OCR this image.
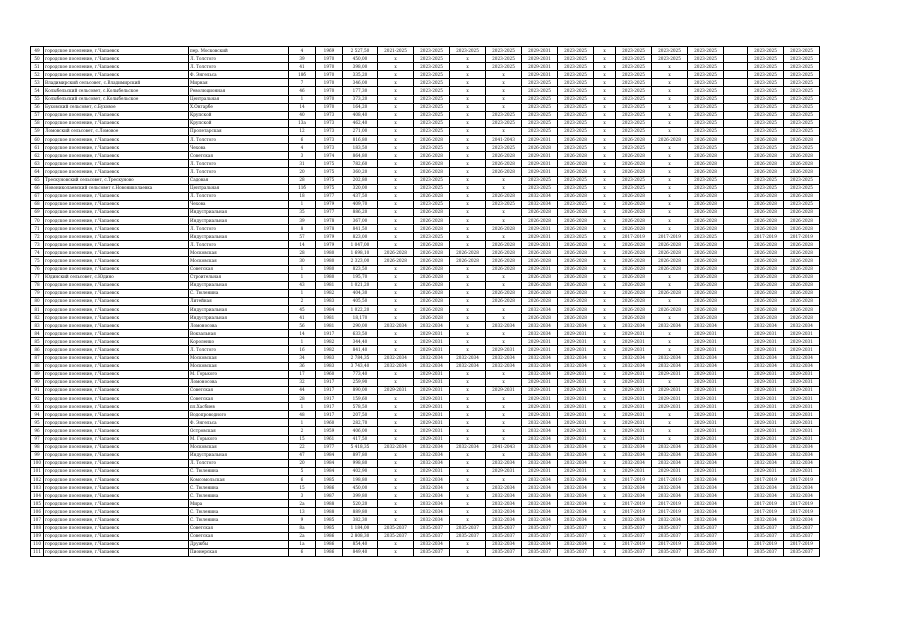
49	городское поселение, г.Чапаевск	пер. Московский	4	1969	2 527,50	2021-2025	2023-2025	2023-2025	2023-2025	2029-2031	2023-2025	x	2023-2025	2023-2025	2023-2025		2023-2025	2023-2025
50	городское поселение, г.Чапаевск	Л. Толстого	39	1970	450,00	x	2023-2025	x	2023-2025	2029-2031	2023-2025	x	2023-2025	2023-2025	2023-2025		2023-2025	2023-2025
51	городское поселение, г.Чапаевск	Л. Толстого	41	1970	398,00	x	2023-2025	x	2023-2025	2029-2031	2023-2025	x	2023-2025	x	2023-2025		2023-2025	2023-2025
52	городское поселение, г.Чапаевск	Ф. Энгельса	18б	1970	335,20	x	2023-2025	x	x	2029-2031	2023-2025	x	2023-2025	x	2023-2025		2023-2025	2023-2025
53	Владимирский сельсовет, с.Владимирский	Мирная	7	1970	346,00	x	2023-2025	x	x	2023-2025	2023-2025	x	2023-2025	x	2023-2025		2023-2025	2023-2025
54	Колыбельский сельсовет, с.Колыбельское	Революционная	46	1970	177,30	x	2023-2025	x	x	2023-2025	2023-2025	x	2023-2025	x	2023-2025		2023-2025	2023-2025
55	Колыбельский сельсовет, с.Колыбельское	Центральная	1	1970	373,20	x	2023-2025	x	x	2023-2025	2023-2025	x	2023-2025	x	2023-2025		2023-2025	2023-2025
56	Буховский сельсовет, с.Буховое	Х.Онгарбе	14	1970	164,20	x	2023-2025	x	x	2023-2025	2023-2025	x	2023-2025	x	2023-2025		2023-2025	2023-2025
57	городское поселение, г.Чапаевск	Крупской	40	1973	408,40	x	2023-2025	x	2023-2025	2023-2025	2023-2025	x	2023-2025	x	2023-2025		2023-2025	2023-2025
58	городское поселение, г.Чапаевск	Крупской	13а	1973	462,40	x	2023-2025	x	2023-2025	2023-2025	2023-2025	x	2023-2025	x	2023-2025		2023-2025	2023-2025
59	Ломовский сельсовет, с.Ломовое	Пролетарская	12	1973	271,00	x	2023-2025	x	x	2023-2025	2023-2025	x	2023-2025	x	2023-2025		2023-2025	2023-2025
60	городское поселение, г.Чапаевск	Л. Толстого	6	1973	816,80	x	2026-2028	x	2041-2043	2029-2031	2026-2028	x	2026-2028	2026-2028	2026-2028		2026-2028	2026-2028
61	городское поселение, г.Чапаевск	Чехова	4	1973	183,50	x	2023-2025	x	2023-2025	2026-2028	2023-2025	x	2023-2025	x	2023-2025		2023-2025	2023-2025
62	городское поселение, г.Чапаевск	Советская	3	1974	864,80	x	2026-2028	x	2026-2028	2029-2031	2026-2028	x	2026-2028	x	2026-2028		2026-2028	2026-2028
63	городское поселение, г.Чапаевск	Л. Толстого	31	1975	782,60	x	2026-2028	x	2026-2028	2029-2031	2026-2028	x	2026-2028	x	2026-2028		2026-2028	2026-2028
64	городское поселение, г.Чапаевск	Л. Толстого	20	1975	360,20	x	2026-2028	x	2026-2028	2029-2031	2026-2028	x	2026-2028	x	2026-2028		2026-2028	2026-2028
65	Трескуновский сельсовет, с.Трескуново	Садовая	28	1975	202,80	x	2023-2025	x	x	2023-2025	2023-2025	x	2023-2025	x	2023-2025		2023-2025	2023-2025
66	Новониколаевский сельсовет с.Новониколаевка	Центральная	11б	1975	320,00	x	2023-2025	x	x	2023-2025	2023-2025	x	2023-2025	x	2023-2025		2023-2025	2023-2025
67	городское поселение, г.Чапаевск	Л. Толстого	18	1977	437,50	x	2026-2028	x	2026-2028	2032-2034	2026-2028	x	2026-2028	x	2026-2028		2026-2028	2026-2028
68	городское поселение, г.Чапаевск	Чехова	1	1979	409,70	x	2023-2025	x	2023-2025	2032-2034	2023-2025	x	2026-2028	x	2026-2028		2026-2028	2023-2025
69	городское поселение, г.Чапаевск	Индустриальная	35	1977	886,20	x	2026-2028	x	x	2026-2028	2026-2028	x	2026-2028	x	2026-2028		2026-2028	2026-2028
70	городское поселение, г.Чапаевск	Индустриальная	39	1978	367,00	x	2026-2028	x	x	2026-2028	2026-2028	x	2026-2028	x	2026-2028		2026-2028	2026-2028
71	городское поселение, г.Чапаевск	Л. Толстого	8	1978	841,50	x	2026-2028	x	2026-2028	2029-2031	2026-2028	x	2026-2028	x	2026-2028		2026-2028	2026-2028
72	городское поселение, г.Чапаевск	Индустриальная	57	1979	823,00	x	2023-2025	x	x	2029-2031	2023-2025	x	2017-2019	2017-2019	2023-2025		2017-2019	2017-2019
73	городское поселение, г.Чапаевск	Л. Толстого	14	1979	1 047,00	x	2026-2028	x	2026-2028	2029-2031	2026-2028	x	2026-2028	2026-2028	2026-2028		2026-2028	2026-2028
74	городское поселение, г.Чапаевск	Московская	28	1980	1 698,10	2026-2028	2026-2028	2026-2028	2026-2028	2026-2028	2026-2028	x	2026-2028	2026-2028	2026-2028		2026-2028	2026-2028
75	городское поселение, г.Чапаевск	Московская	30	1980	2 323,00	2026-2028	2026-2028	2026-2028	2026-2028	2026-2028	2026-2028	x	2026-2028	2026-2028	2026-2028		2026-2028	2026-2028
76	городское поселение, г.Чапаевск	Советская	1	1980	823,50	x	2026-2028	x	2026-2028	2029-2031	2026-2028	x	2026-2028	2026-2028	2026-2028		2026-2028	2026-2028
77	Юдинский сельсовет, с.Юдино	Строительная	1	1980	195,70	x	2026-2028	x	x	2026-2028	2026-2028	x	2026-2028	x	2026-2028		2026-2028	2026-2028
78	городское поселение, г.Чапаевск	Индустриальная	43	1981	1 021,20	x	2026-2028	x	x	2026-2028	2026-2028	x	2026-2028	x	2026-2028		2026-2028	2026-2028
79	городское поселение, г.Чапаевск	С. Тюленина	1	1982	404,30	x	2026-2028	x	2026-2028	2026-2028	2026-2028	x	2026-2028	2026-2028	2026-2028		2026-2028	2026-2028
80	городское поселение, г.Чапаевск	Литейная	2	1983	405,50	x	2026-2028	x	2026-2028	2026-2028	2026-2028	x	2026-2028	x	2026-2028		2026-2028	2026-2028
81	городское поселение, г.Чапаевск	Индустриальная	45	1984	1 022,20	x	2026-2028	x	x	2032-2034	2026-2028	x	2026-2028	2026-2028	2026-2028		2026-2028	2026-2028
82	городское поселение, г.Чапаевск	Индустриальная	41	1981	18,170	x	2026-2028	x	x	2026-2028	2026-2028	x	2026-2028	x	2026-2028		2026-2028	2026-2028
83	городское поселение, г.Чапаевск	Ломоносова	56	1981	290,00	2032-2034	2032-2034	x	2032-2034	2032-2034	2032-2034	x	2032-2034	2032-2034	2032-2034		2032-2034	2032-2034
84	городское поселение, г.Чапаевск	Вокзальная	14	1917	633,50	x	2029-2031	x	x	2032-2034	2029-2031	x	2029-2031	x	2029-2031		2029-2031	2029-2031
85	городское поселение, г.Чапаевск	Короленко	1	1982	344,40	x	2029-2031	x	x	2029-2031	2029-2031	x	2029-2031	x	2029-2031		2029-2031	2029-2031
86	городское поселение, г.Чапаевск	Л. Толстого	16	1982	841,40	x	2029-2031	x	2029-2031	2029-2031	2029-2031	x	2029-2031	x	2029-2031		2029-2031	2029-2031
87	городское поселение, г.Чапаевск	Московская	34	1983	2 784,35	2032-2034	2032-2034	2032-2034	2032-2034	2032-2034	2032-2034	x	2032-2034	2032-2034	2032-2034		2032-2034	2032-2034
88	городское поселение, г.Чапаевск	Московская	36	1983	3 743,40	2032-2034	2032-2034	2032-2034	2032-2034	2032-2034	2032-2034	x	2032-2034	2032-2034	2032-2034		2032-2034	2032-2034
89	городское поселение, г.Чапаевск	М. Горького	17	1960	773,40	x	2029-2031	x	x	2032-2034	2029-2031	x	2029-2031	2029-2031	2029-2031		2029-2031	2029-2031
90	городское поселение, г.Чапаевск	Ломоносова	32	1917	259,90	x	2029-2031	x	x	2029-2031	2029-2031	x	2029-2031	x	2029-2031		2029-2031	2029-2031
91	городское поселение, г.Чапаевск	Советская	44	1917	890,00	2029-2031	2029-2031	x	2029-2031	2029-2031	2029-2031	x	2029-2031	2029-2031	2029-2031		2029-2031	2029-2031
92	городское поселение, г.Чапаевск	Советская	28	1917	159,60	x	2029-2031	x	x	2029-2031	2029-2031	x	2029-2031	2029-2031	2029-2031		2029-2031	2029-2031
93	городское поселение, г.Чапаевск	пл.Хасбиев	1	1917	578,50	x	2029-2031	x	x	2029-2031	2029-2031	x	2029-2031	2029-2031	2029-2031		2029-2031	2029-2031
94	городское поселение, г.Чапаевск	Водопроводного	48	1917	207,50	x	2029-2031	x	x	2029-2031	2029-2031	x	2029-2031	x	2029-2031		2029-2031	2029-2031
95	городское поселение, г.Чапаевск	Ф. Энгельса	1	1960	282,70	x	2029-2031	x	x	2032-2034	2029-2031	x	2029-2031	x	2029-2031		2029-2031	2029-2031
96	городское поселение, г.Чапаевск	Островская	2	1959	406,00	x	2029-2031	x	x	2032-2034	2029-2031	x	2029-2031	x	2029-2031		2029-2031	2029-2031
97	городское поселение, г.Чапаевск	М. Горького	15	1961	417,50	x	2029-2031	x	x	2032-2034	2029-2031	x	2029-2031	x	2029-2031		2029-2031	2029-2031
98	городское поселение, г.Чапаевск	Московская	22	1977	5 418,35	2032-2034	2032-2034	2032-2034	2041-2043	2032-2034	2032-2034	x	2032-2034	2032-2034	2032-2034		2032-2034	2032-2034
99	городское поселение, г.Чапаевск	Индустриальная	47	1984	897,80	x	2032-2034	x	x	2032-2034	2032-2034	x	2032-2034	2032-2034	2032-2034		2032-2034	2032-2034
100	городское поселение, г.Чапаевск	Л. Толстого	20	1984	998,80	x	2032-2034	x	2032-2034	2032-2034	2032-2034	x	2032-2034	2032-2034	2032-2034		2032-2034	2032-2034
101	городское поселение, г.Чапаевск	С. Тюленина	5	1984	402,90	x	2029-2031	x	2029-2031	2029-2031	2029-2031	x	2029-2031	2029-2031	2029-2031		2029-2031	2029-2031
102	городское поселение, г.Чапаевск	Комсомольская	6	1985	198,80	x	2032-2034	x	x	2032-2034	2032-2034	x	2017-2019	2017-2019	2032-2034		2017-2019	2017-2019
103	городское поселение, г.Чапаевск	С. Тюленина	15	1986	450,00	x	2032-2034	x	2032-2034	2032-2034	2032-2034	x	2032-2034	2032-2034	2032-2034		2032-2034	2032-2034
104	городское поселение, г.Чапаевск	С. Тюленина	3	1987	399,80	x	2032-2034	x	2032-2034	2032-2034	2032-2034	x	2032-2034	2032-2034	2032-2034		2032-2034	2032-2034
105	городское поселение, г.Чапаевск	Мира	2а	1988	520,20	x	2032-2034	x	2032-2034	2032-2034	2032-2034	x	2017-2019	2017-2019	2032-2034		2017-2019	2017-2019
106	городское поселение, г.Чапаевск	С. Тюленина	13	1988	889,80	x	2032-2034	x	2032-2034	2032-2034	2032-2034	x	2017-2019	2017-2019	2032-2034		2017-2019	2017-2019
107	городское поселение, г.Чапаевск	С. Тюленина	9	1985	382,30	x	2032-2034	x	2032-2034	2032-2034	2032-2034	x	2032-2034	2032-2034	2032-2034		2032-2034	2032-2034
108	городское поселение, г.Чапаевск	Советская	8а	1985	1 184,00	2035-2037	2035-2037	2035-2037	2035-2037	2035-2037	2035-2037	x	2035-2037	2035-2037	2035-2037		2035-2037	2035-2037
109	городское поселение, г.Чапаевск	Советская	2а	1986	2 808,30	2035-2037	2035-2037	2035-2037	2035-2037	2035-2037	2035-2037	x	2035-2037	2035-2037	2035-2037		2035-2037	2035-2037
110	городское поселение, г.Чапаевск	Дружбы	1а	1986	854,40	x	2032-2034	x	2032-2034	2032-2034	2032-2034	x	2017-2019	2017-2019	2032-2034		2017-2019	2017-2019
111	городское поселение, г.Чапаевск	Пионерская	6	1986	849,40	x	2035-2037	x	2035-2037	2035-2037	2035-2037	x	2035-2037	2035-2037	2035-2037		2035-2037	2035-2037
